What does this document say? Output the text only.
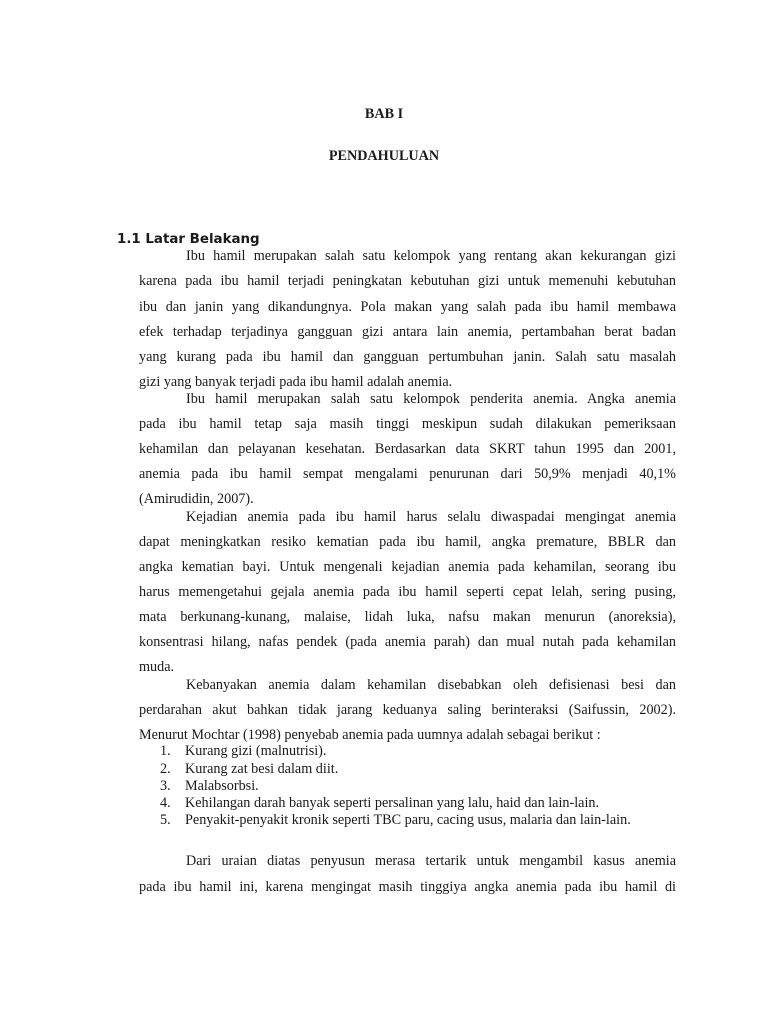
BAB I
PENDAHULUAN
1.1 Latar Belakang
Ibu hamil merupakan salah satu kelompok yang rentang akan kekurangan gizi
karena pada ibu hamil terjadi peningkatan kebutuhan gizi untuk memenuhi kebutuhan
ibu dan janin yang dikandungnya. Pola makan yang salah pada ibu hamil membawa
efek terhadap terjadinya gangguan gizi antara lain anemia, pertambahan berat badan
yang kurang pada ibu hamil dan gangguan pertumbuhan janin. Salah satu masalah
gizi yang banyak terjadi pada ibu hamil adalah anemia.
Ibu hamil merupakan salah satu kelompok penderita anemia. Angka anemia
pada ibu hamil tetap saja masih tinggi meskipun sudah dilakukan pemeriksaan
kehamilan dan pelayanan kesehatan. Berdasarkan data SKRT tahun 1995 dan 2001,
anemia pada ibu hamil sempat mengalami penurunan dari 50,9% menjadi 40,1%
(Amirudidin, 2007).
Kejadian anemia pada ibu hamil harus selalu diwaspadai mengingat anemia
dapat meningkatkan resiko kematian pada ibu hamil, angka premature, BBLR dan
angka kematian bayi. Untuk mengenali kejadian anemia pada kehamilan, seorang ibu
harus memengetahui gejala anemia pada ibu hamil seperti cepat lelah, sering pusing,
mata berkunang-kunang, malaise, lidah luka, nafsu makan menurun (anoreksia),
konsentrasi hilang, nafas pendek (pada anemia parah) dan mual nutah pada kehamilan
muda.
Kebanyakan anemia dalam kehamilan disebabkan oleh defisienasi besi dan
perdarahan akut bahkan tidak jarang keduanya saling berinteraksi (Saifussin, 2002).
Menurut Mochtar (1998) penyebab anemia pada uumnya adalah sebagai berikut :
1. Kurang gizi (malnutrisi).
2. Kurang zat besi dalam diit.
3. Malabsorbsi.
4. Kehilangan darah banyak seperti persalinan yang lalu, haid dan lain-lain.
5. Penyakit-penyakit kronik seperti TBC paru, cacing usus, malaria dan lain-lain.
Dari uraian diatas penyusun merasa tertarik untuk mengambil kasus anemia
pada ibu hamil ini, karena mengingat masih tinggiya angka anemia pada ibu hamil di
